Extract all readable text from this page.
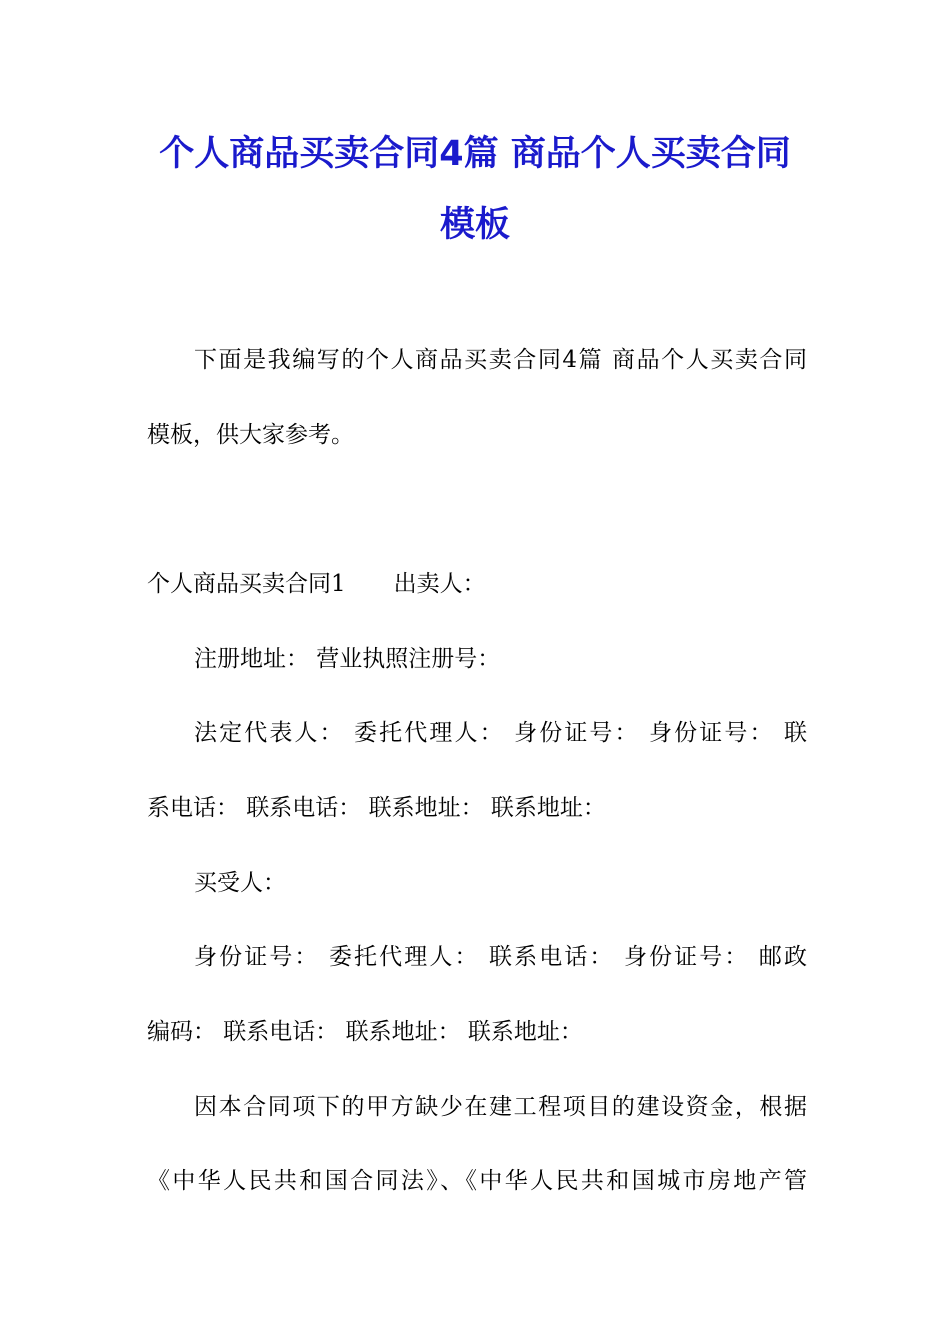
个人商品买卖合同4篇 商品个人买卖合同
模板
下面是我编写的个人商品买卖合同4篇 商品个人买卖合同
模板，供大家参考。
个人商品买卖合同1 出卖人：
注册地址： 营业执照注册号：
法定代表人： 委托代理人： 身份证号： 身份证号： 联
系电话： 联系电话： 联系地址： 联系地址：
买受人：
身份证号： 委托代理人： 联系电话： 身份证号： 邮政
编码： 联系电话： 联系地址： 联系地址：
因本合同项下的甲方缺少在建工程项目的建设资金，根据
《中华人民共和国合同法》、《中华人民共和国城市房地产管
